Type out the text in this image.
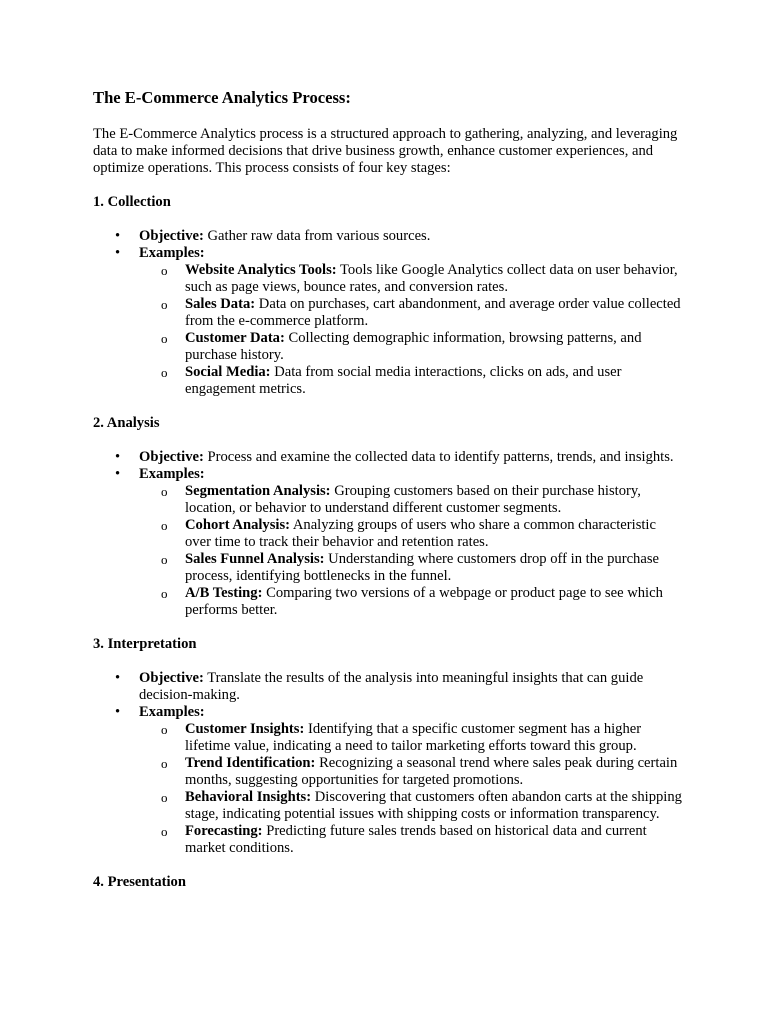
The E-Commerce Analytics Process:

The E-Commerce Analytics process is a structured approach to gathering, analyzing, and leveraging data to make informed decisions that drive business growth, enhance customer experiences, and optimize operations. This process consists of four key stages:

1. Collection
• Objective: Gather raw data from various sources.
• Examples:
o Website Analytics Tools: Tools like Google Analytics collect data on user behavior, such as page views, bounce rates, and conversion rates.
o Sales Data: Data on purchases, cart abandonment, and average order value collected from the e-commerce platform.
o Customer Data: Collecting demographic information, browsing patterns, and purchase history.
o Social Media: Data from social media interactions, clicks on ads, and user engagement metrics.
2. Analysis
• Objective: Process and examine the collected data to identify patterns, trends, and insights.
• Examples:
o Segmentation Analysis: Grouping customers based on their purchase history, location, or behavior to understand different customer segments.
o Cohort Analysis: Analyzing groups of users who share a common characteristic over time to track their behavior and retention rates.
o Sales Funnel Analysis: Understanding where customers drop off in the purchase process, identifying bottlenecks in the funnel.
o A/B Testing: Comparing two versions of a webpage or product page to see which performs better.
3. Interpretation
• Objective: Translate the results of the analysis into meaningful insights that can guide decision-making.
• Examples:
o Customer Insights: Identifying that a specific customer segment has a higher lifetime value, indicating a need to tailor marketing efforts toward this group.
o Trend Identification: Recognizing a seasonal trend where sales peak during certain months, suggesting opportunities for targeted promotions.
o Behavioral Insights: Discovering that customers often abandon carts at the shipping stage, indicating potential issues with shipping costs or information transparency.
o Forecasting: Predicting future sales trends based on historical data and current market conditions.
4. Presentation
